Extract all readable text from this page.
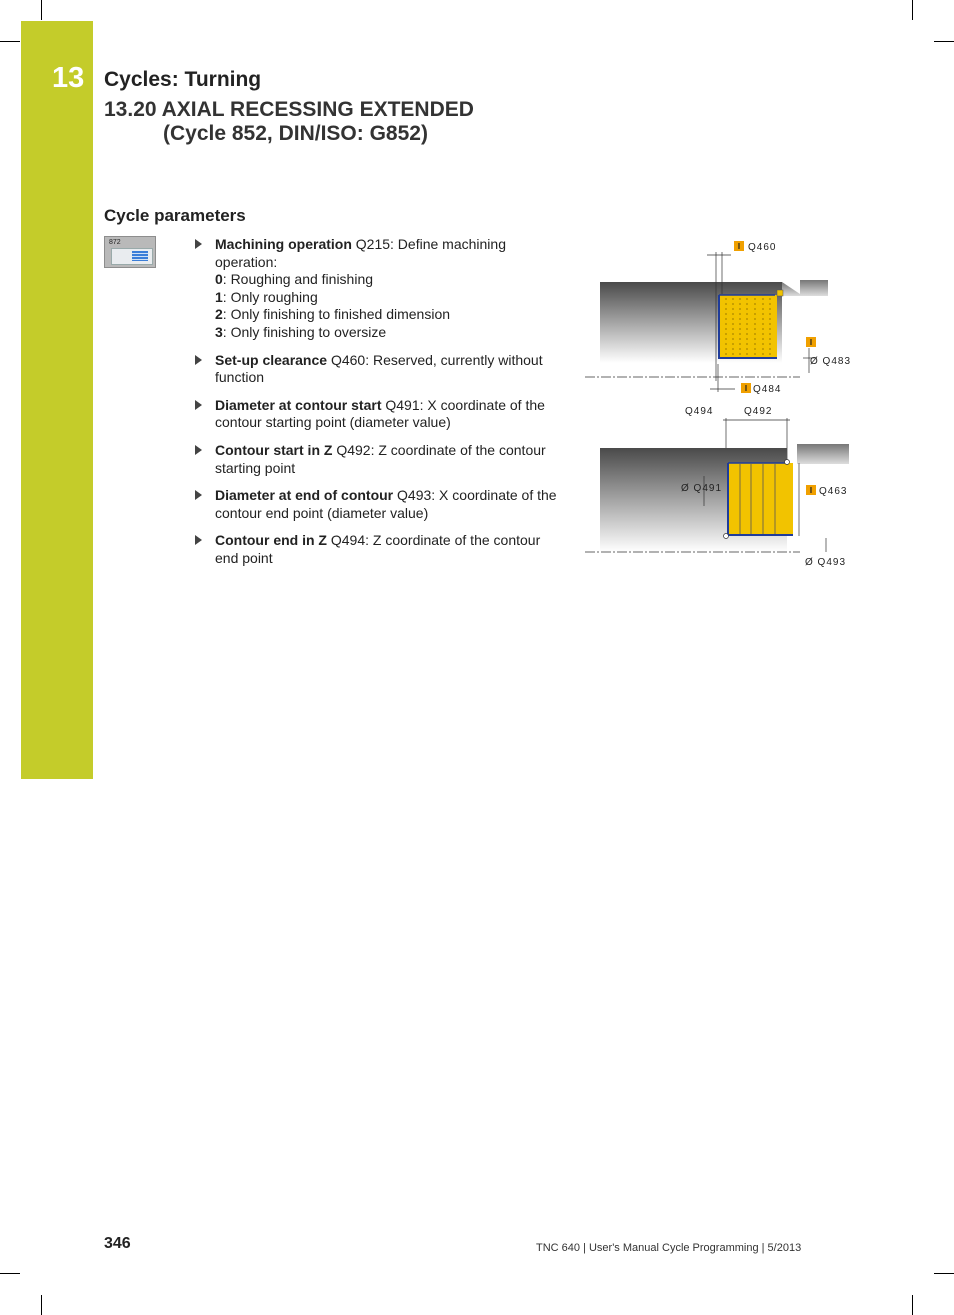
13 Cycles: Turning
13.20 AXIAL RECESSING EXTENDED
(Cycle 852, DIN/ISO: G852)
Cycle parameters
872	Machining operation Q215: Define machining operation:
0: Roughing and finishing
1: Only roughing
2: Only finishing to finished dimension
3: Only finishing to oversize
Set-up clearance Q460: Reserved, currently without function
Diameter at contour start Q491: X coordinate of the contour starting point (diameter value)
Contour start in Z Q492: Z coordinate of the contour starting point
Diameter at end of contour Q493: X coordinate of the contour end point (diameter value)
Contour end in Z Q494: Z coordinate of the contour end point
I Q460
I
Ø Q483
I Q484
Q494	Q492
Ø Q491	I Q463
Ø Q493
346	TNC 640 | User's Manual Cycle Programming | 5/2013
